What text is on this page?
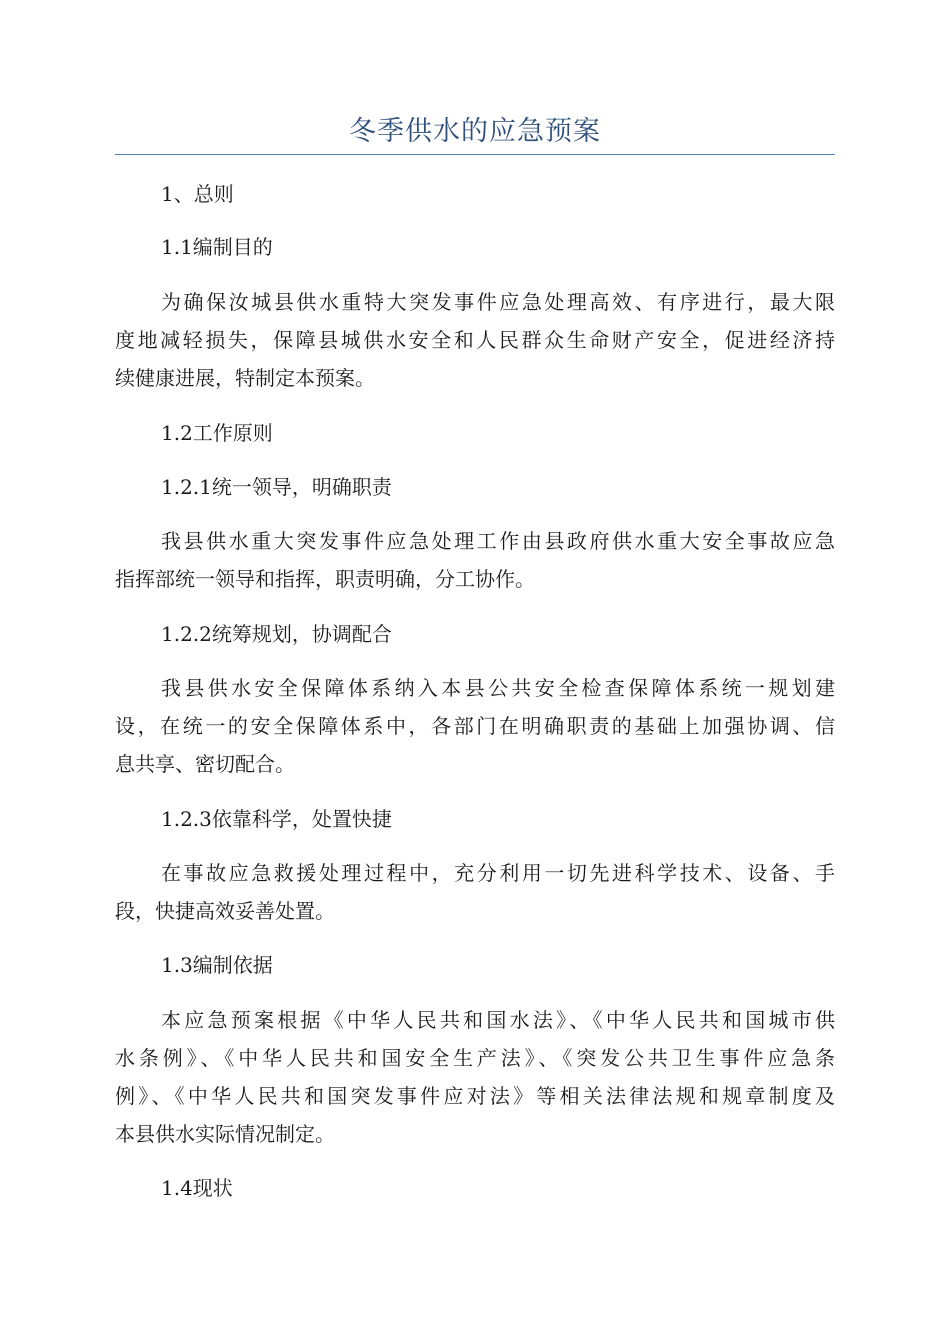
冬季供水的应急预案
1、总则
1.1编制目的
为确保汝城县供水重特大突发事件应急处理高效、有序进行，最大限
度地减轻损失，保障县城供水安全和人民群众生命财产安全，促进经济持
续健康进展，特制定本预案。
1.2工作原则
1.2.1统一领导，明确职责
我县供水重大突发事件应急处理工作由县政府供水重大安全事故应急
指挥部统一领导和指挥，职责明确，分工协作。
1.2.2统筹规划，协调配合
我县供水安全保障体系纳入本县公共安全检查保障体系统一规划建
设，在统一的安全保障体系中，各部门在明确职责的基础上加强协调、信
息共享、密切配合。
1.2.3依靠科学，处置快捷
在事故应急救援处理过程中，充分利用一切先进科学技术、设备、手
段，快捷高效妥善处置。
1.3编制依据
本应急预案根据《中华人民共和国水法》、《中华人民共和国城市供
水条例》、《中华人民共和国安全生产法》、《突发公共卫生事件应急条
例》、《中华人民共和国突发事件应对法》等相关法律法规和规章制度及
本县供水实际情况制定。
1.4现状
